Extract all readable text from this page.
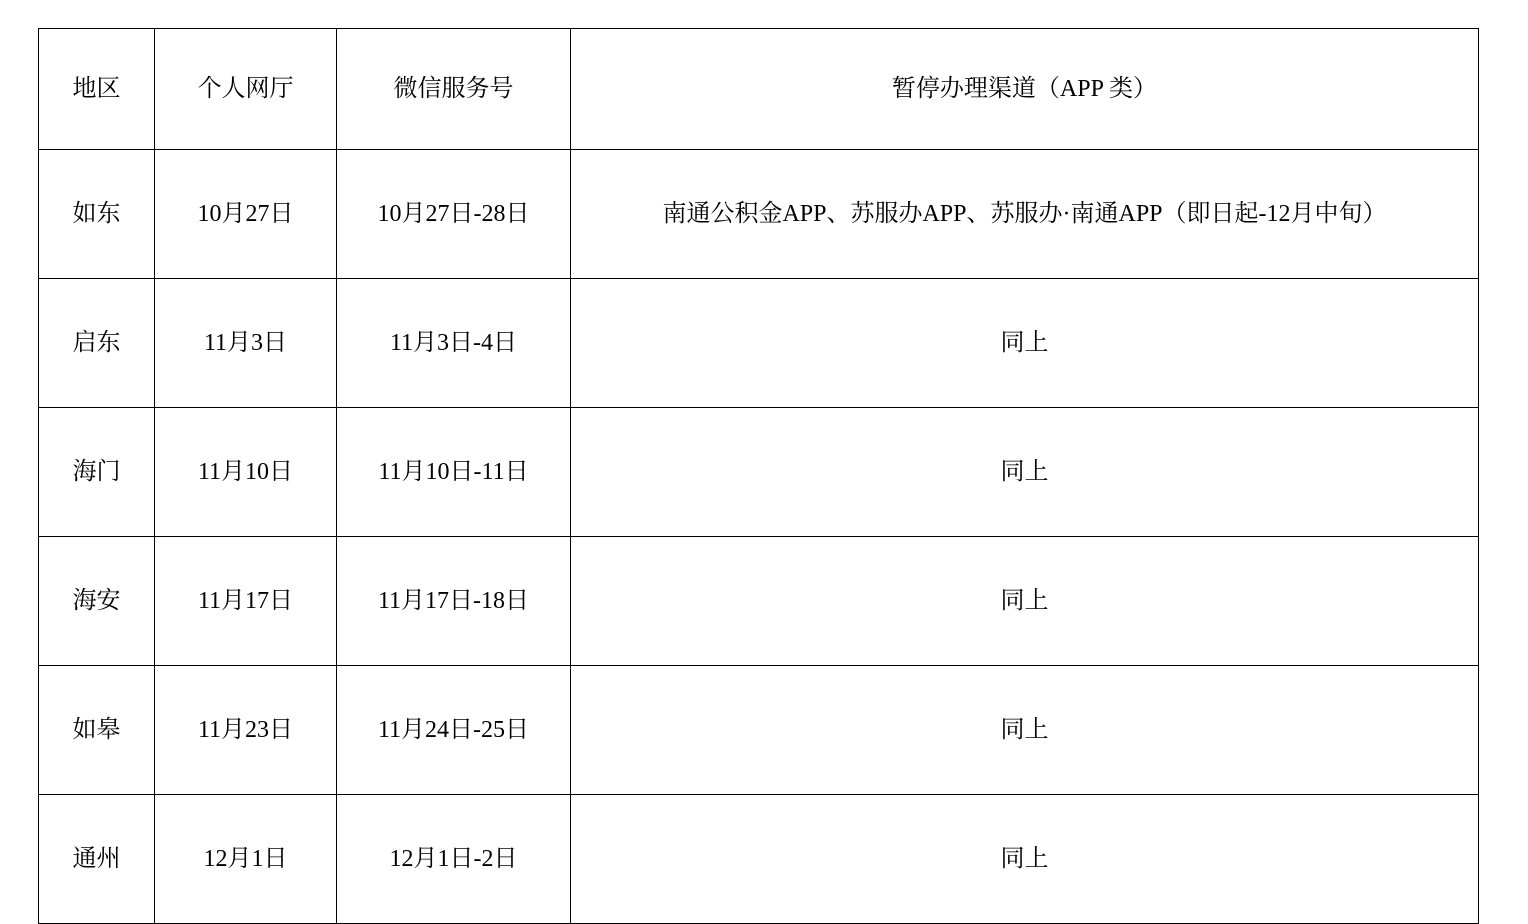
地区	个人网厅	微信服务号	暂停办理渠道（APP 类）
如东	10月27日	10月27日-28日	南通公积金APP、苏服办APP、苏服办·南通APP（即日起-12月中旬）
启东	11月3日	11月3日-4日	同上
海门	11月10日	11月10日-11日	同上
海安	11月17日	11月17日-18日	同上
如皋	11月23日	11月24日-25日	同上
通州	12月1日	12月1日-2日	同上
